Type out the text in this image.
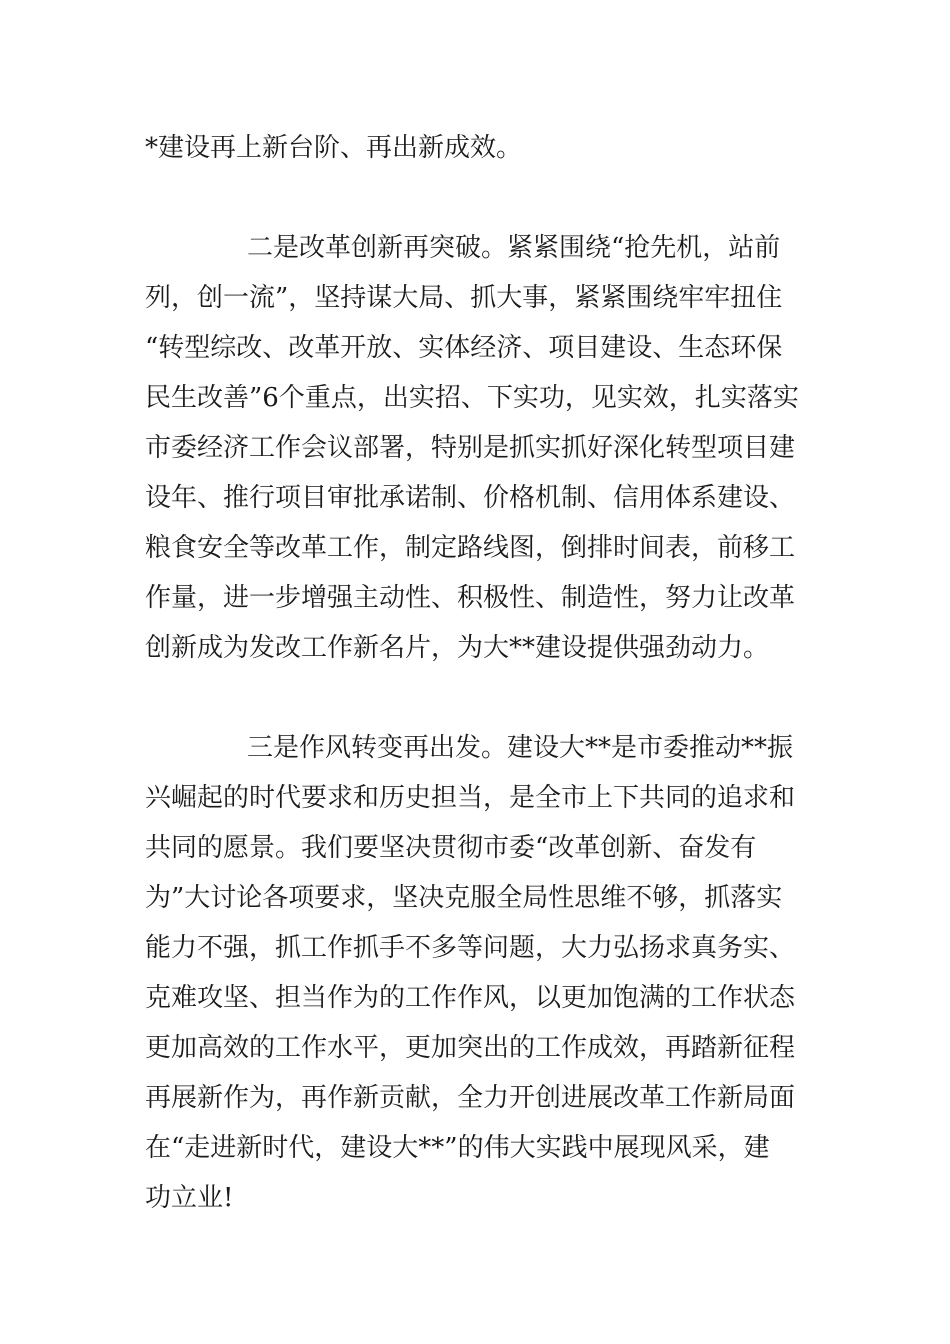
*建设再上新台阶、再出新成效。
二是改革创新再突破。紧紧围绕“抢先机，站前
列，创一流”，坚持谋大局、抓大事，紧紧围绕牢牢扭住
“转型综改、改革开放、实体经济、项目建设、生态环保
民生改善”6个重点，出实招、下实功，见实效，扎实落实
市委经济工作会议部署，特别是抓实抓好深化转型项目建
设年、推行项目审批承诺制、价格机制、信用体系建设、
粮食安全等改革工作，制定路线图，倒排时间表，前移工
作量，进一步增强主动性、积极性、制造性，努力让改革
创新成为发改工作新名片，为大**建设提供强劲动力。
三是作风转变再出发。建设大**是市委推动**振
兴崛起的时代要求和历史担当，是全市上下共同的追求和
共同的愿景。我们要坚决贯彻市委“改革创新、奋发有
为”大讨论各项要求，坚决克服全局性思维不够，抓落实
能力不强，抓工作抓手不多等问题，大力弘扬求真务实、
克难攻坚、担当作为的工作作风，以更加饱满的工作状态
更加高效的工作水平，更加突出的工作成效，再踏新征程
再展新作为，再作新贡献，全力开创进展改革工作新局面
在“走进新时代，建设大**”的伟大实践中展现风采，建
功立业!
